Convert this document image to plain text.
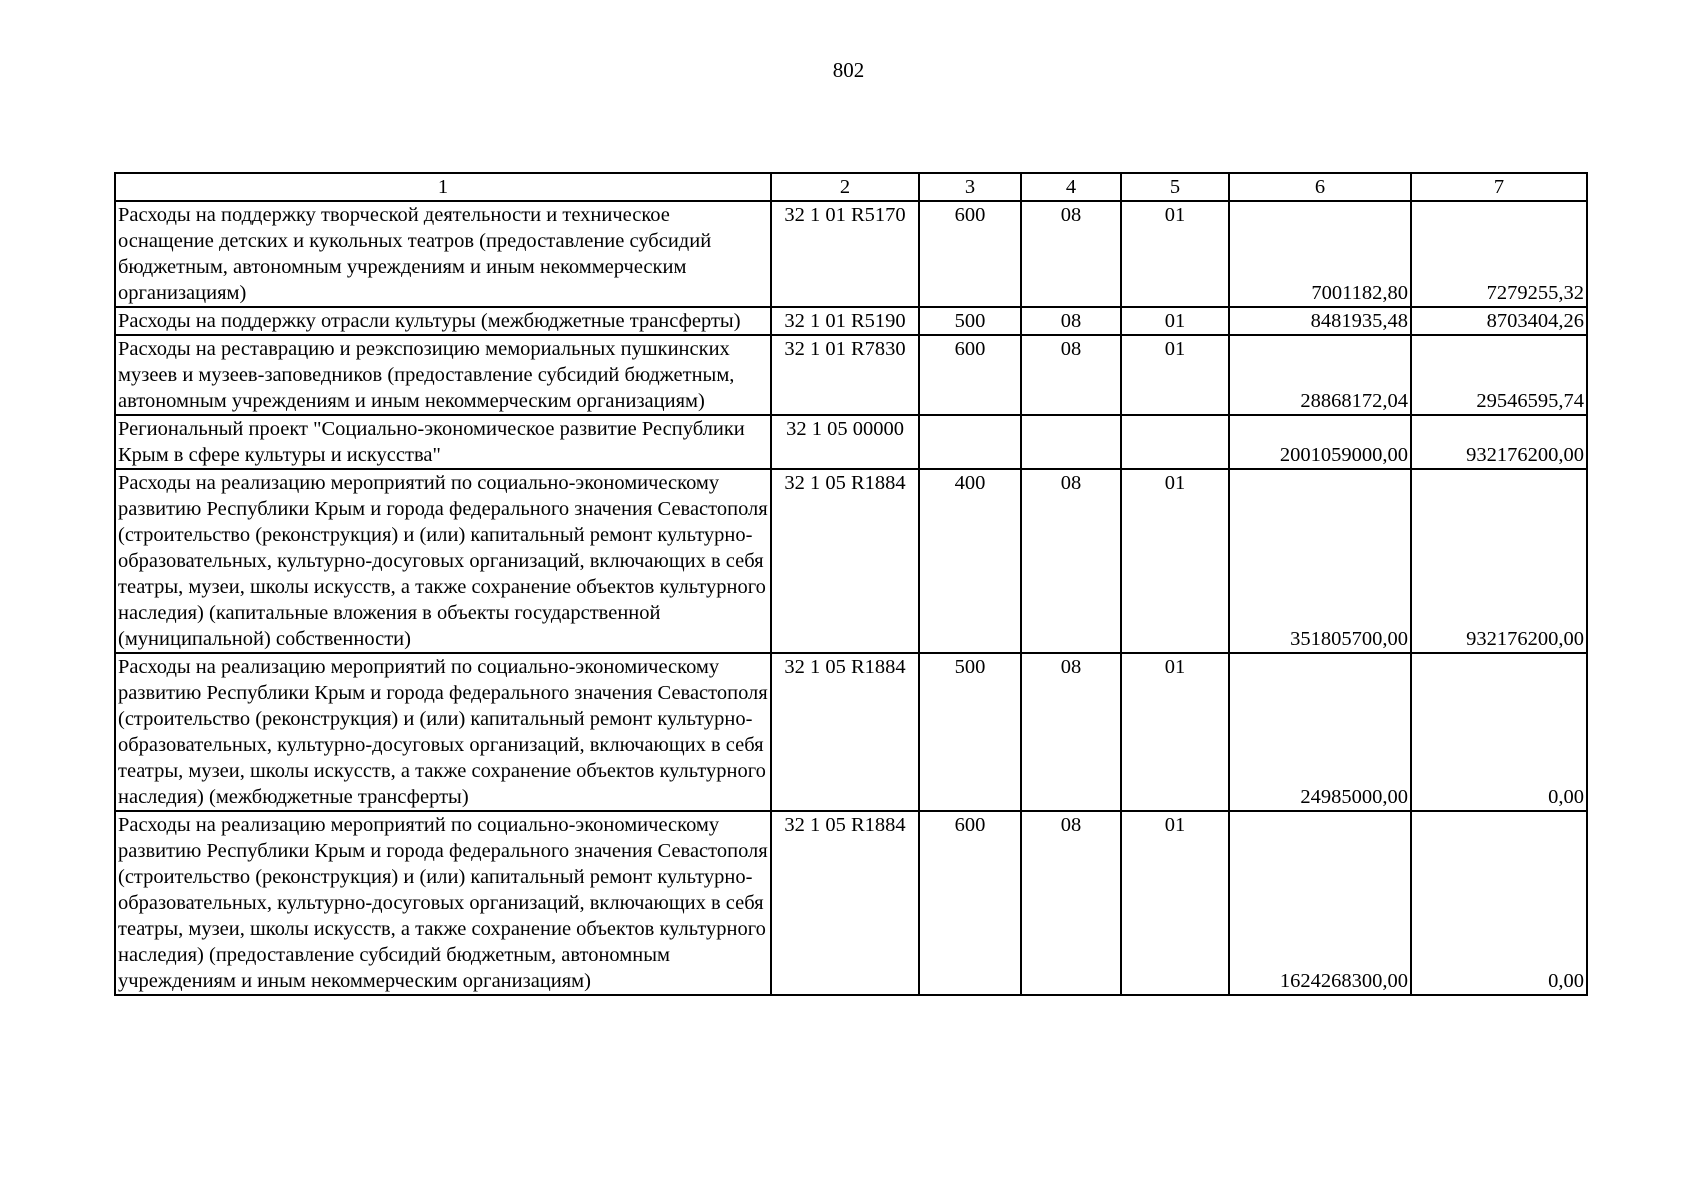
802
1	2	3	4	5	6	7
Расходы на поддержку творческой деятельности и техническое оснащение детских и кукольных театров (предоставление субсидий бюджетным, автономным учреждениям и иным некоммерческим организациям)	32 1 01 R5170	600	08	01	7001182,80	7279255,32
Расходы на поддержку отрасли культуры (межбюджетные трансферты)	32 1 01 R5190	500	08	01	8481935,48	8703404,26
Расходы на реставрацию и реэкспозицию мемориальных пушкинских музеев и музеев-заповедников (предоставление субсидий бюджетным, автономным учреждениям и иным некоммерческим организациям)	32 1 01 R7830	600	08	01	28868172,04	29546595,74
Региональный проект "Социально-экономическое развитие Республики Крым в сфере культуры и искусства"	32 1 05 00000				2001059000,00	932176200,00
Расходы на реализацию мероприятий по социально-экономическому развитию Республики Крым и города федерального значения Севастополя (строительство (реконструкция) и (или) капитальный ремонт культурно-образовательных, культурно-досуговых организаций, включающих в себя театры, музеи, школы искусств, а также сохранение объектов культурного наследия) (капитальные вложения в объекты государственной (муниципальной) собственности)	32 1 05 R1884	400	08	01	351805700,00	932176200,00
Расходы на реализацию мероприятий по социально-экономическому развитию Республики Крым и города федерального значения Севастополя (строительство (реконструкция) и (или) капитальный ремонт культурно-образовательных, культурно-досуговых организаций, включающих в себя театры, музеи, школы искусств, а также сохранение объектов культурного наследия) (межбюджетные трансферты)	32 1 05 R1884	500	08	01	24985000,00	0,00
Расходы на реализацию мероприятий по социально-экономическому развитию Республики Крым и города федерального значения Севастополя (строительство (реконструкция) и (или) капитальный ремонт культурно-образовательных, культурно-досуговых организаций, включающих в себя театры, музеи, школы искусств, а также сохранение объектов культурного наследия) (предоставление субсидий бюджетным, автономным учреждениям и иным некоммерческим организациям)	32 1 05 R1884	600	08	01	1624268300,00	0,00
